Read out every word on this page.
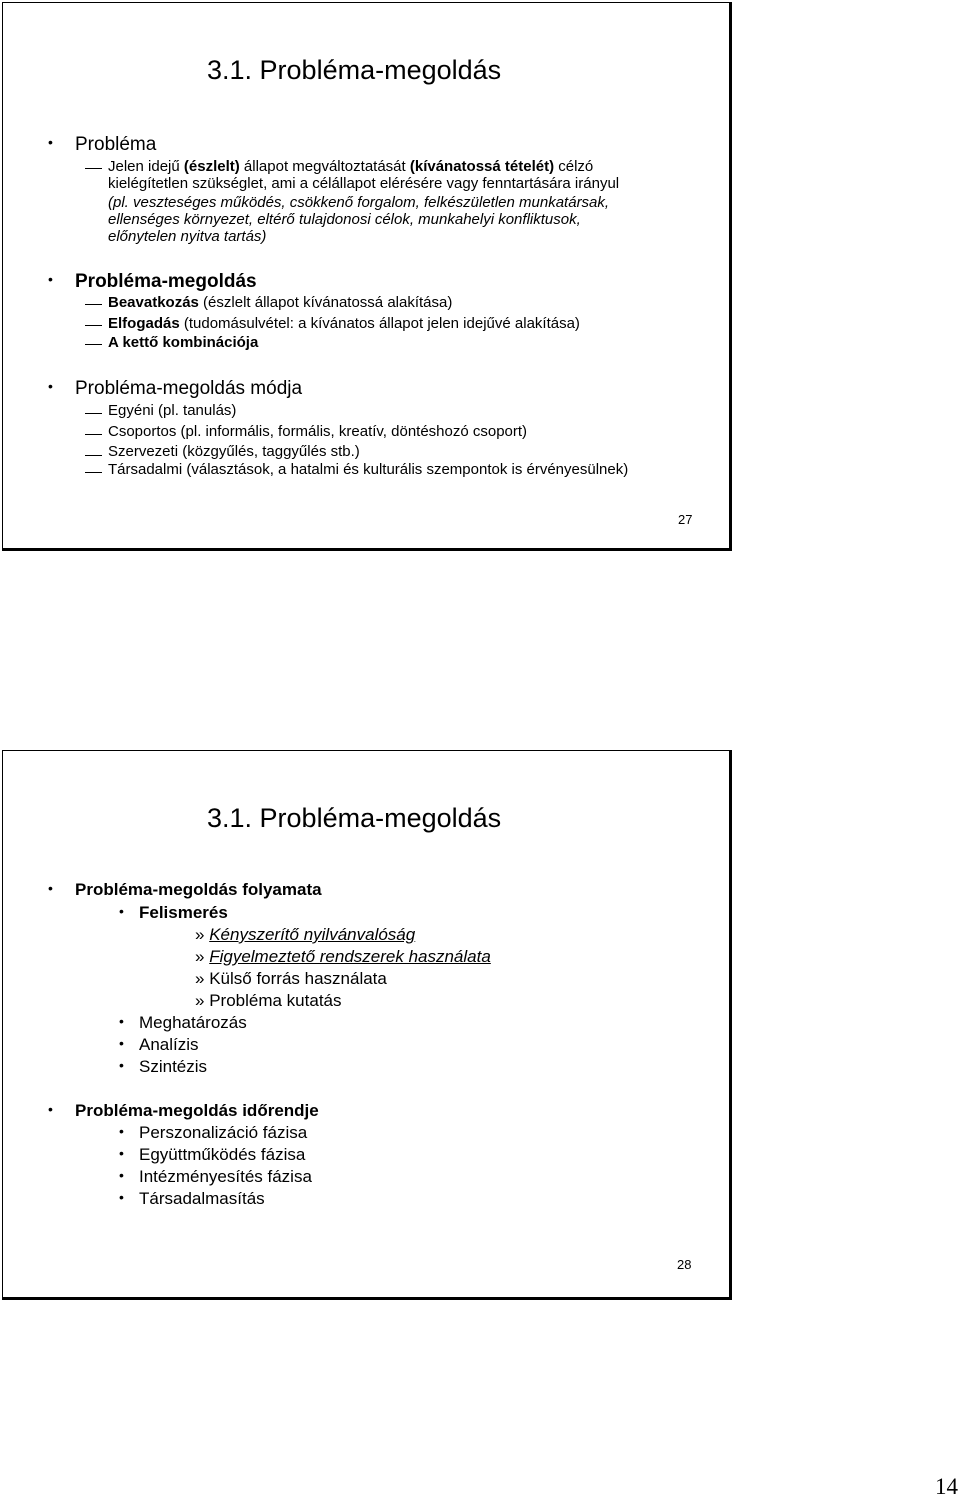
3.1. Probléma-megoldás
• Probléma
Jelen idejű (észlelt) állapot megváltoztatását (kívánatossá tételét) célzó
kielégítetlen szükséglet, ami a célállapot elérésére vagy fenntartására irányul
(pl. veszteséges működés, csökkenő forgalom, felkészületlen munkatársak,
ellenséges környezet, eltérő tulajdonosi célok, munkahelyi konfliktusok,
előnytelen nyitva tartás)
• Probléma-megoldás
Beavatkozás (észlelt állapot kívánatossá alakítása)
Elfogadás (tudomásulvétel: a kívánatos állapot jelen idejűvé alakítása)
A kettő kombinációja
• Probléma-megoldás módja
Egyéni (pl. tanulás)
Csoportos (pl. informális, formális, kreatív, döntéshozó csoport)
Szervezeti (közgyűlés, taggyűlés stb.)
Társadalmi (választások, a hatalmi és kulturális szempontok is érvényesülnek)
27
3.1. Probléma-megoldás
• Probléma-megoldás folyamata
• Felismerés
» Kényszerítő nyilvánvalóság
» Figyelmeztető rendszerek használata
» Külső forrás használata
» Probléma kutatás
• Meghatározás
• Analízis
• Szintézis
• Probléma-megoldás időrendje
• Perszonalizáció fázisa
• Együttműködés fázisa
• Intézményesítés fázisa
• Társadalmasítás
28
14
